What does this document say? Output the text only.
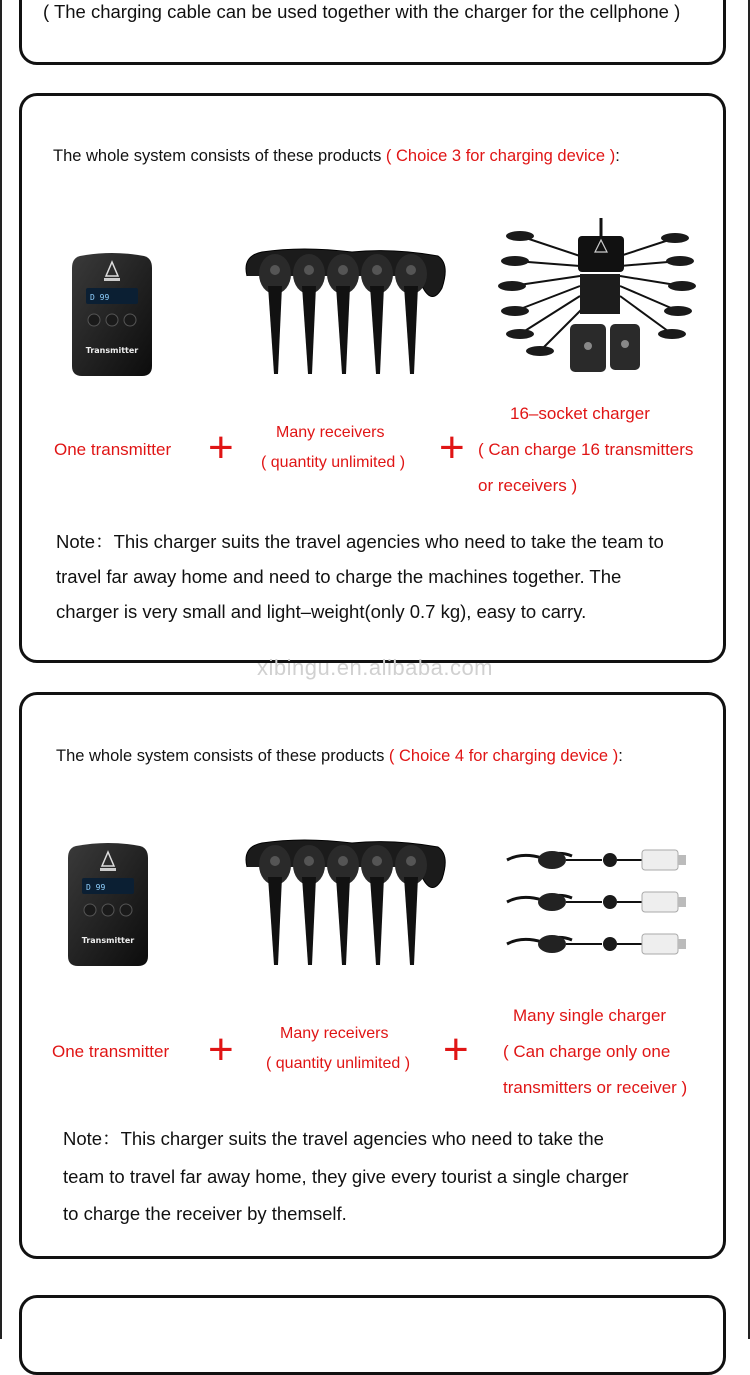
( The charging cable can be used together with the charger for the cellphone )
The whole system consists of these products ( Choice 3 for charging device ):
D 99
Transmitter
One transmitter +	Many receivers
( quantity unlimited ) +
16–socket charger
( Can charge 16 transmitters
or receivers )
Note：This charger suits the travel agencies who need to take the team to
travel far away home and need to charge the machines together. The
charger is very small and light–weight(only 0.7 kg), easy to carry.
xibingu.en.alibaba.com
The whole system consists of these products ( Choice 4 for charging device ):
D 99
Transmitter
One transmitter +	Many receivers
( quantity unlimited ) +
Many single charger
( Can charge only one
transmitters or receiver )
Note：This charger suits the travel agencies who need to take the
team to travel far away home, they give every tourist a single charger
to charge the receiver by themself.
